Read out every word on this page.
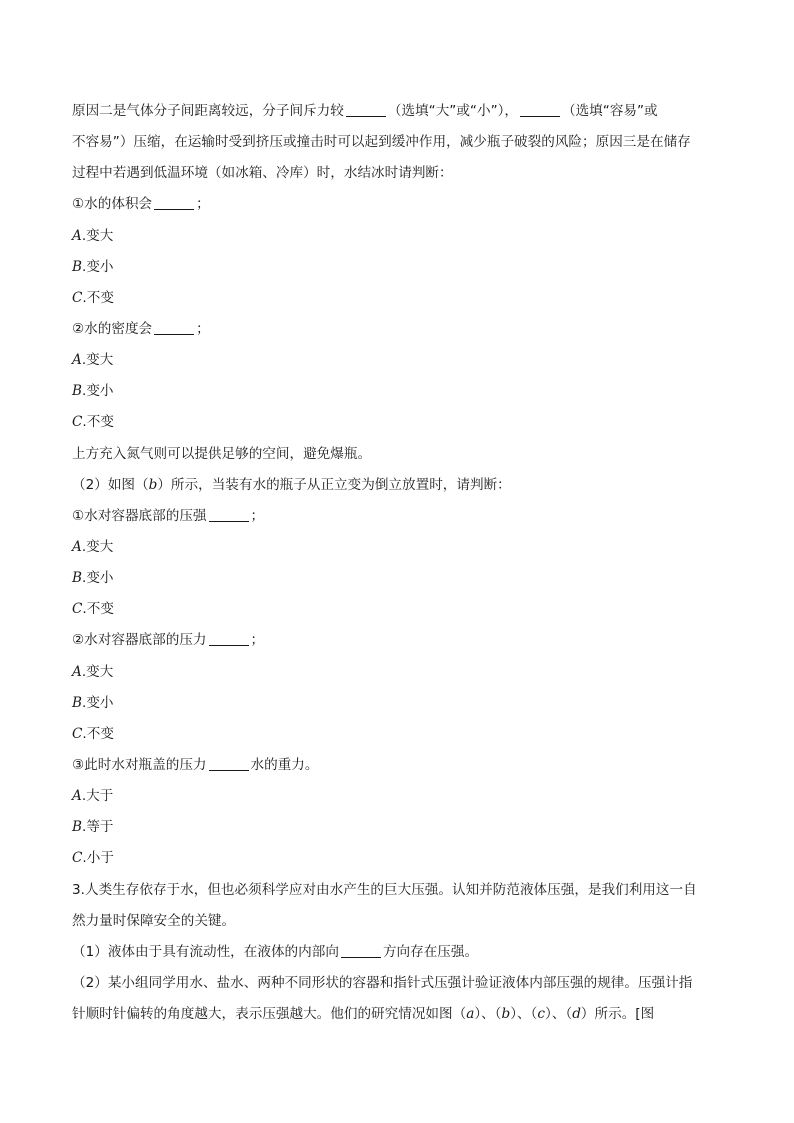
原因二是气体分子间距离较远，分子间斥力较	（选填“大”或“小”），	（选填“容易”或
不容易”）压缩，在运输时受到挤压或撞击时可以起到缓冲作用，减少瓶子破裂的风险；原因三是在储存
过程中若遇到低温环境（如冰箱、冷库）时，水结冰时请判断：
①水的体积会	；
A.变大
B.变小
C.不变
②水的密度会	；
A.变大
B.变小
C.不变
上方充入氮气则可以提供足够的空间，避免爆瓶。
（2）如图（b）所示，当装有水的瓶子从正立变为倒立放置时，请判断：
①水对容器底部的压强	；
A.变大
B.变小
C.不变
②水对容器底部的压力	；
A.变大
B.变小
C.不变
③此时水对瓶盖的压力	水的重力。
A.大于
B.等于
C.小于
3.人类生存依存于水，但也必须科学应对由水产生的巨大压强。认知并防范液体压强，是我们利用这一自
然力量时保障安全的关键。
（1）液体由于具有流动性，在液体的内部向	方向存在压强。
（2）某小组同学用水、盐水、两种不同形状的容器和指针式压强计验证液体内部压强的规律。压强计指
针顺时针偏转的角度越大，表示压强越大。他们的研究情况如图（a）、（b）、（c）、（d）所示。[图
